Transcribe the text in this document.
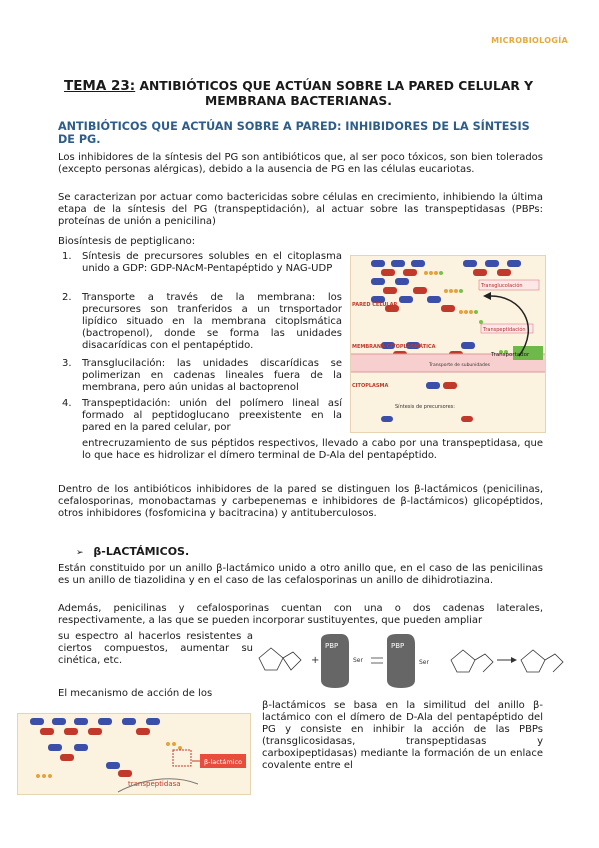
MICROBIOLOGÍA
TEMA 23: ANTIBIÓTICOS QUE ACTÚAN SOBRE LA PARED CELULAR Y
MEMBRANA BACTERIANAS.
ANTIBIÓTICOS QUE ACTÚAN SOBRE A PARED: INHIBIDORES DE LA SÍNTESIS DE PG.
Los inhibidores de la síntesis del PG son antibióticos que, al ser poco tóxicos, son bien tolerados (excepto personas alérgicas), debido a la ausencia de PG en las células eucariotas.
Se caracterizan por actuar como bactericidas sobre células en crecimiento, inhibiendo la última etapa de la síntesis del PG (transpeptidación), al actuar sobre las transpeptidasas (PBPs: proteínas de unión a penicilina)
Biosíntesis de peptiglicano:
1. Síntesis de precursores solubles en el citoplasma unido a GDP: GDP-NAcM-Pentapéptido y NAG-UDP
2. Transporte a través de la membrana: los precursores son tranferidos a un trnsportador lipídico situado en la membrana citoplsmática (bactropenol), donde se forma las unidades disacarídicas con el pentapéptido.
3. Transglucilación: las unidades discarídicas se polimerizan en cadenas lineales fuera de la membrana, pero aún unidas al bactoprenol
4. Transpeptidación: unión del polímero lineal así formado al peptidoglucano preexistente en la pared en la pared celular, por
entrecruzamiento de sus péptidos respectivos, llevado a cabo por una transpeptidasa, que lo que hace es hidrolizar el dímero terminal de D-Ala del pentapéptido.
Transglucolación
Transpeptidación
PARED CELULAR
MEMBRANA CITOPLASMÁTICA
CITOPLASMA
Transportador
Transporte de subunidades
Síntesis de precursores:
Dentro de los antibióticos inhibidores de la pared se distinguen los β-lactámicos (penicilinas, cefalosporinas, monobactamas y carbepenemas e inhibidores de β-lactámicos) glicopéptidos, otros inhibidores (fosfomicina y bacitracina) y antituberculosos.
➢ β-LACTÁMICOS.
Están constituido por un anillo β-lactámico unido a otro anillo que, en el caso de las penicilinas es un anillo de tiazolidina y en el caso de las cefalosporinas un anillo de dihidrotiazina.
Además, penicilinas y cefalosporinas cuentan con una o dos cadenas laterales, respectivamente, a las que se pueden incorporar sustituyentes, que pueden ampliar
su espectro al hacerlos resistentes a ciertos compuestos, aumentar su cinética, etc.	+
PBP
Ser
PBP
Ser
El mecanismo de acción de los
β-lactámico
transpeptidasa
β-lactámicos se basa en la similitud del anillo β-lactámico con el dímero de D-Ala del pentapéptido del PG y consiste en inhibir la acción de las PBPs (transglicosidasas, transpeptidasas y carboxipeptidasas) mediante la formación de un enlace covalente entre el
